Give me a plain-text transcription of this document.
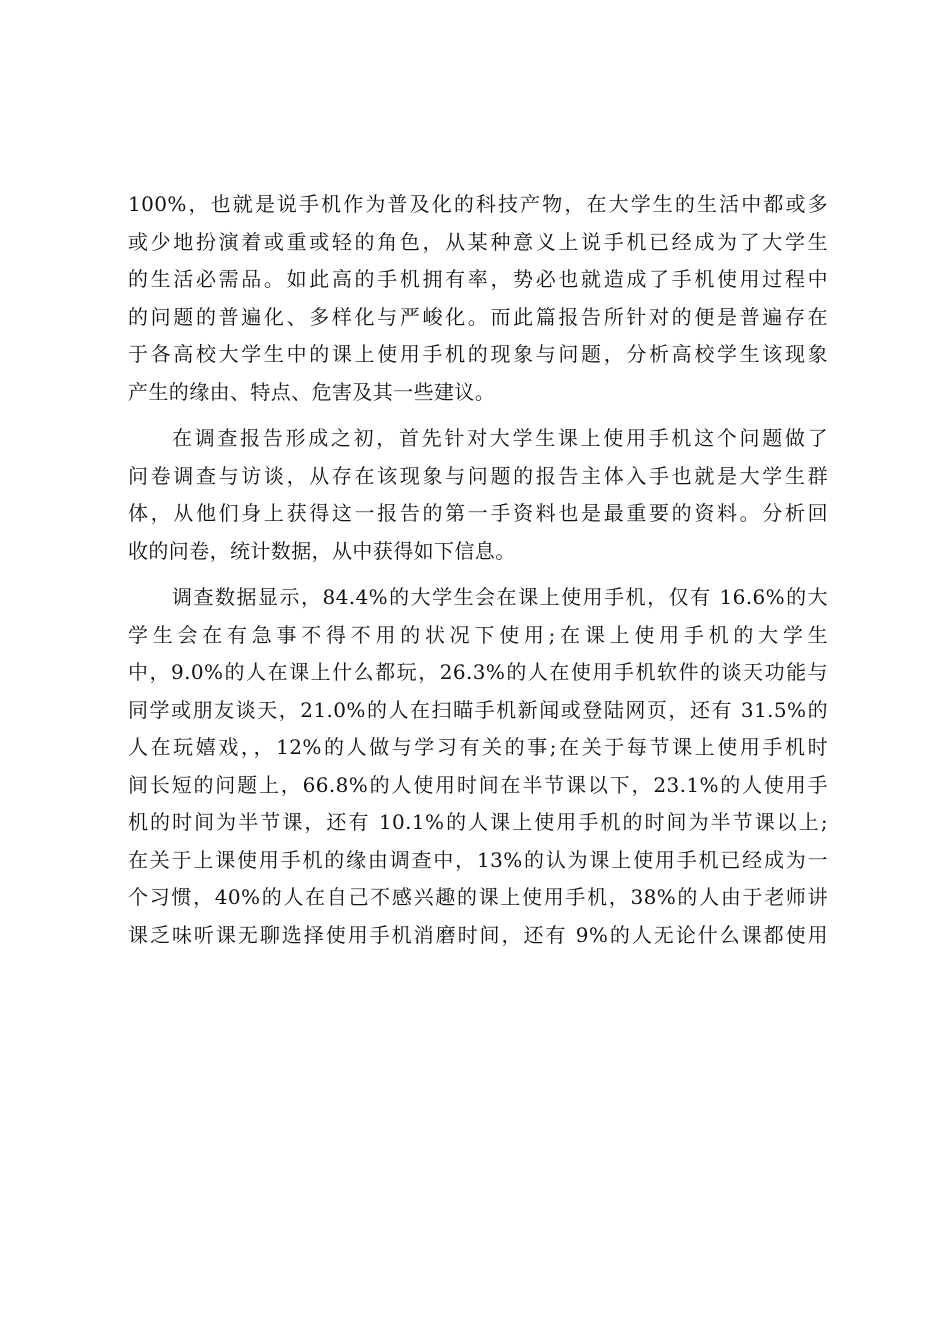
100%，也就是说手机作为普及化的科技产物，在大学生的生活中都或多
或少地扮演着或重或轻的角色，从某种意义上说手机已经成为了大学生
的生活必需品。如此高的手机拥有率，势必也就造成了手机使用过程中
的问题的普遍化、多样化与严峻化。而此篇报告所针对的便是普遍存在
于各高校大学生中的课上使用手机的现象与问题，分析高校学生该现象
产生的缘由、特点、危害及其一些建议。
在调查报告形成之初，首先针对大学生课上使用手机这个问题做了
问卷调查与访谈，从存在该现象与问题的报告主体入手也就是大学生群
体，从他们身上获得这一报告的第一手资料也是最重要的资料。分析回
收的问卷，统计数据，从中获得如下信息。
调查数据显示，84.4%的大学生会在课上使用手机，仅有 16.6%的大
学生会在有急事不得不用的状况下使用;在课上使用手机的大学生
中，9.0%的人在课上什么都玩，26.3%的人在使用手机软件的谈天功能与
同学或朋友谈天，21.0%的人在扫瞄手机新闻或登陆网页，还有 31.5%的
人在玩嬉戏，，12%的人做与学习有关的事;在关于每节课上使用手机时
间长短的问题上，66.8%的人使用时间在半节课以下，23.1%的人使用手
机的时间为半节课，还有 10.1%的人课上使用手机的时间为半节课以上;
在关于上课使用手机的缘由调查中，13%的认为课上使用手机已经成为一
个习惯，40%的人在自己不感兴趣的课上使用手机，38%的人由于老师讲
课乏味听课无聊选择使用手机消磨时间，还有 9%的人无论什么课都使用
